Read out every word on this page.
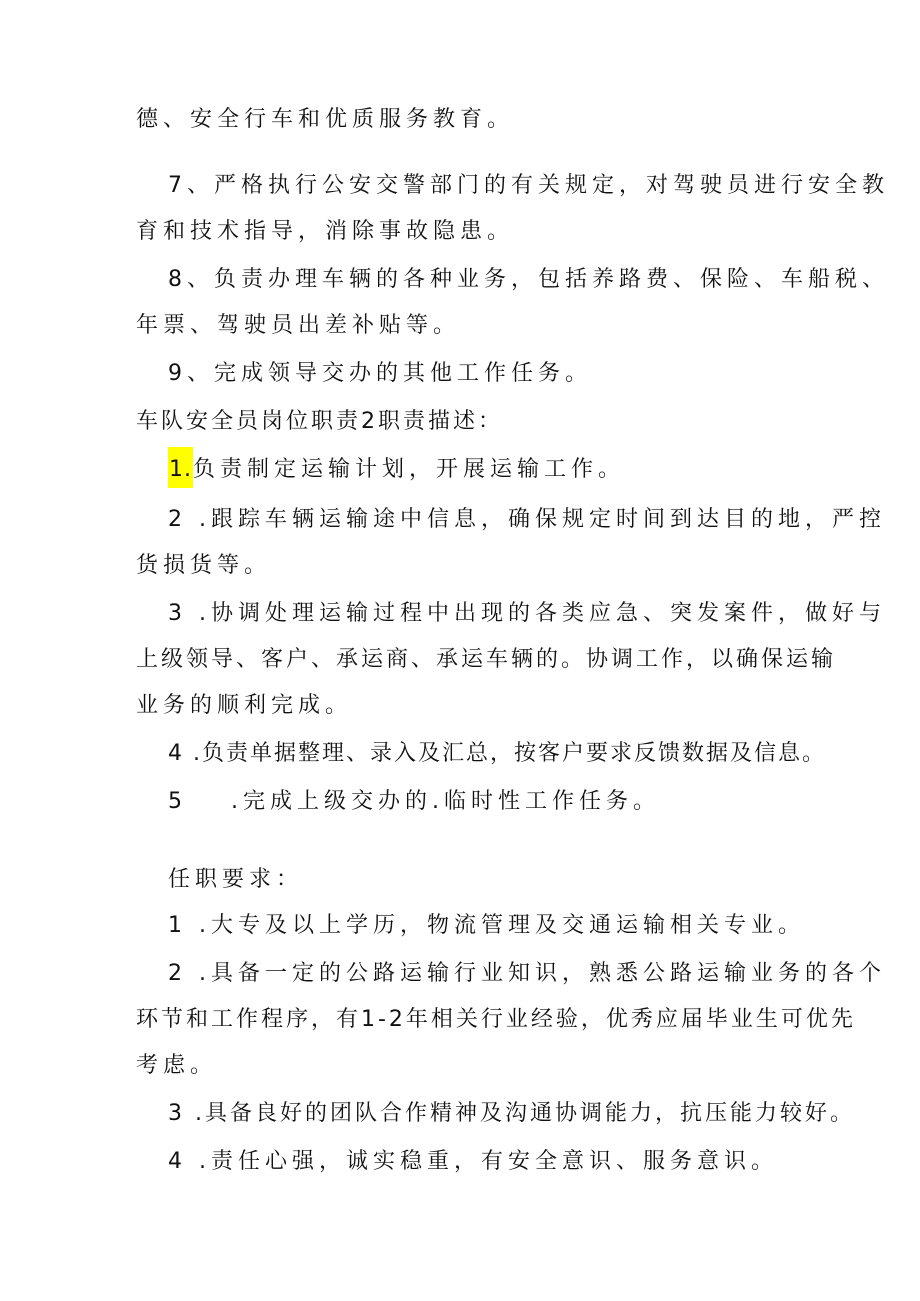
德、安全行车和优质服务教育。
7、严格执行公安交警部门的有关规定，对驾驶员进行安全教
育和技术指导，消除事故隐患。
8、负责办理车辆的各种业务，包括养路费、保险、车船税、
年票、驾驶员出差补贴等。
9、完成领导交办的其他工作任务。
车队安全员岗位职责2职责描述：
1.负责制定运输计划，开展运输工作。
2 .跟踪车辆运输途中信息，确保规定时间到达目的地，严控
货损货等。
3 .协调处理运输过程中出现的各类应急、突发案件，做好与
上级领导、客户、承运商、承运车辆的。协调工作，以确保运输
业务的顺利完成。
4 .负责单据整理、录入及汇总，按客户要求反馈数据及信息。
5 .完成上级交办的.临时性工作任务。
任职要求：
1 .大专及以上学历，物流管理及交通运输相关专业。
2 .具备一定的公路运输行业知识，熟悉公路运输业务的各个
环节和工作程序，有1-2年相关行业经验，优秀应届毕业生可优先
考虑。
3 .具备良好的团队合作精神及沟通协调能力，抗压能力较好。
4 .责任心强，诚实稳重，有安全意识、服务意识。
